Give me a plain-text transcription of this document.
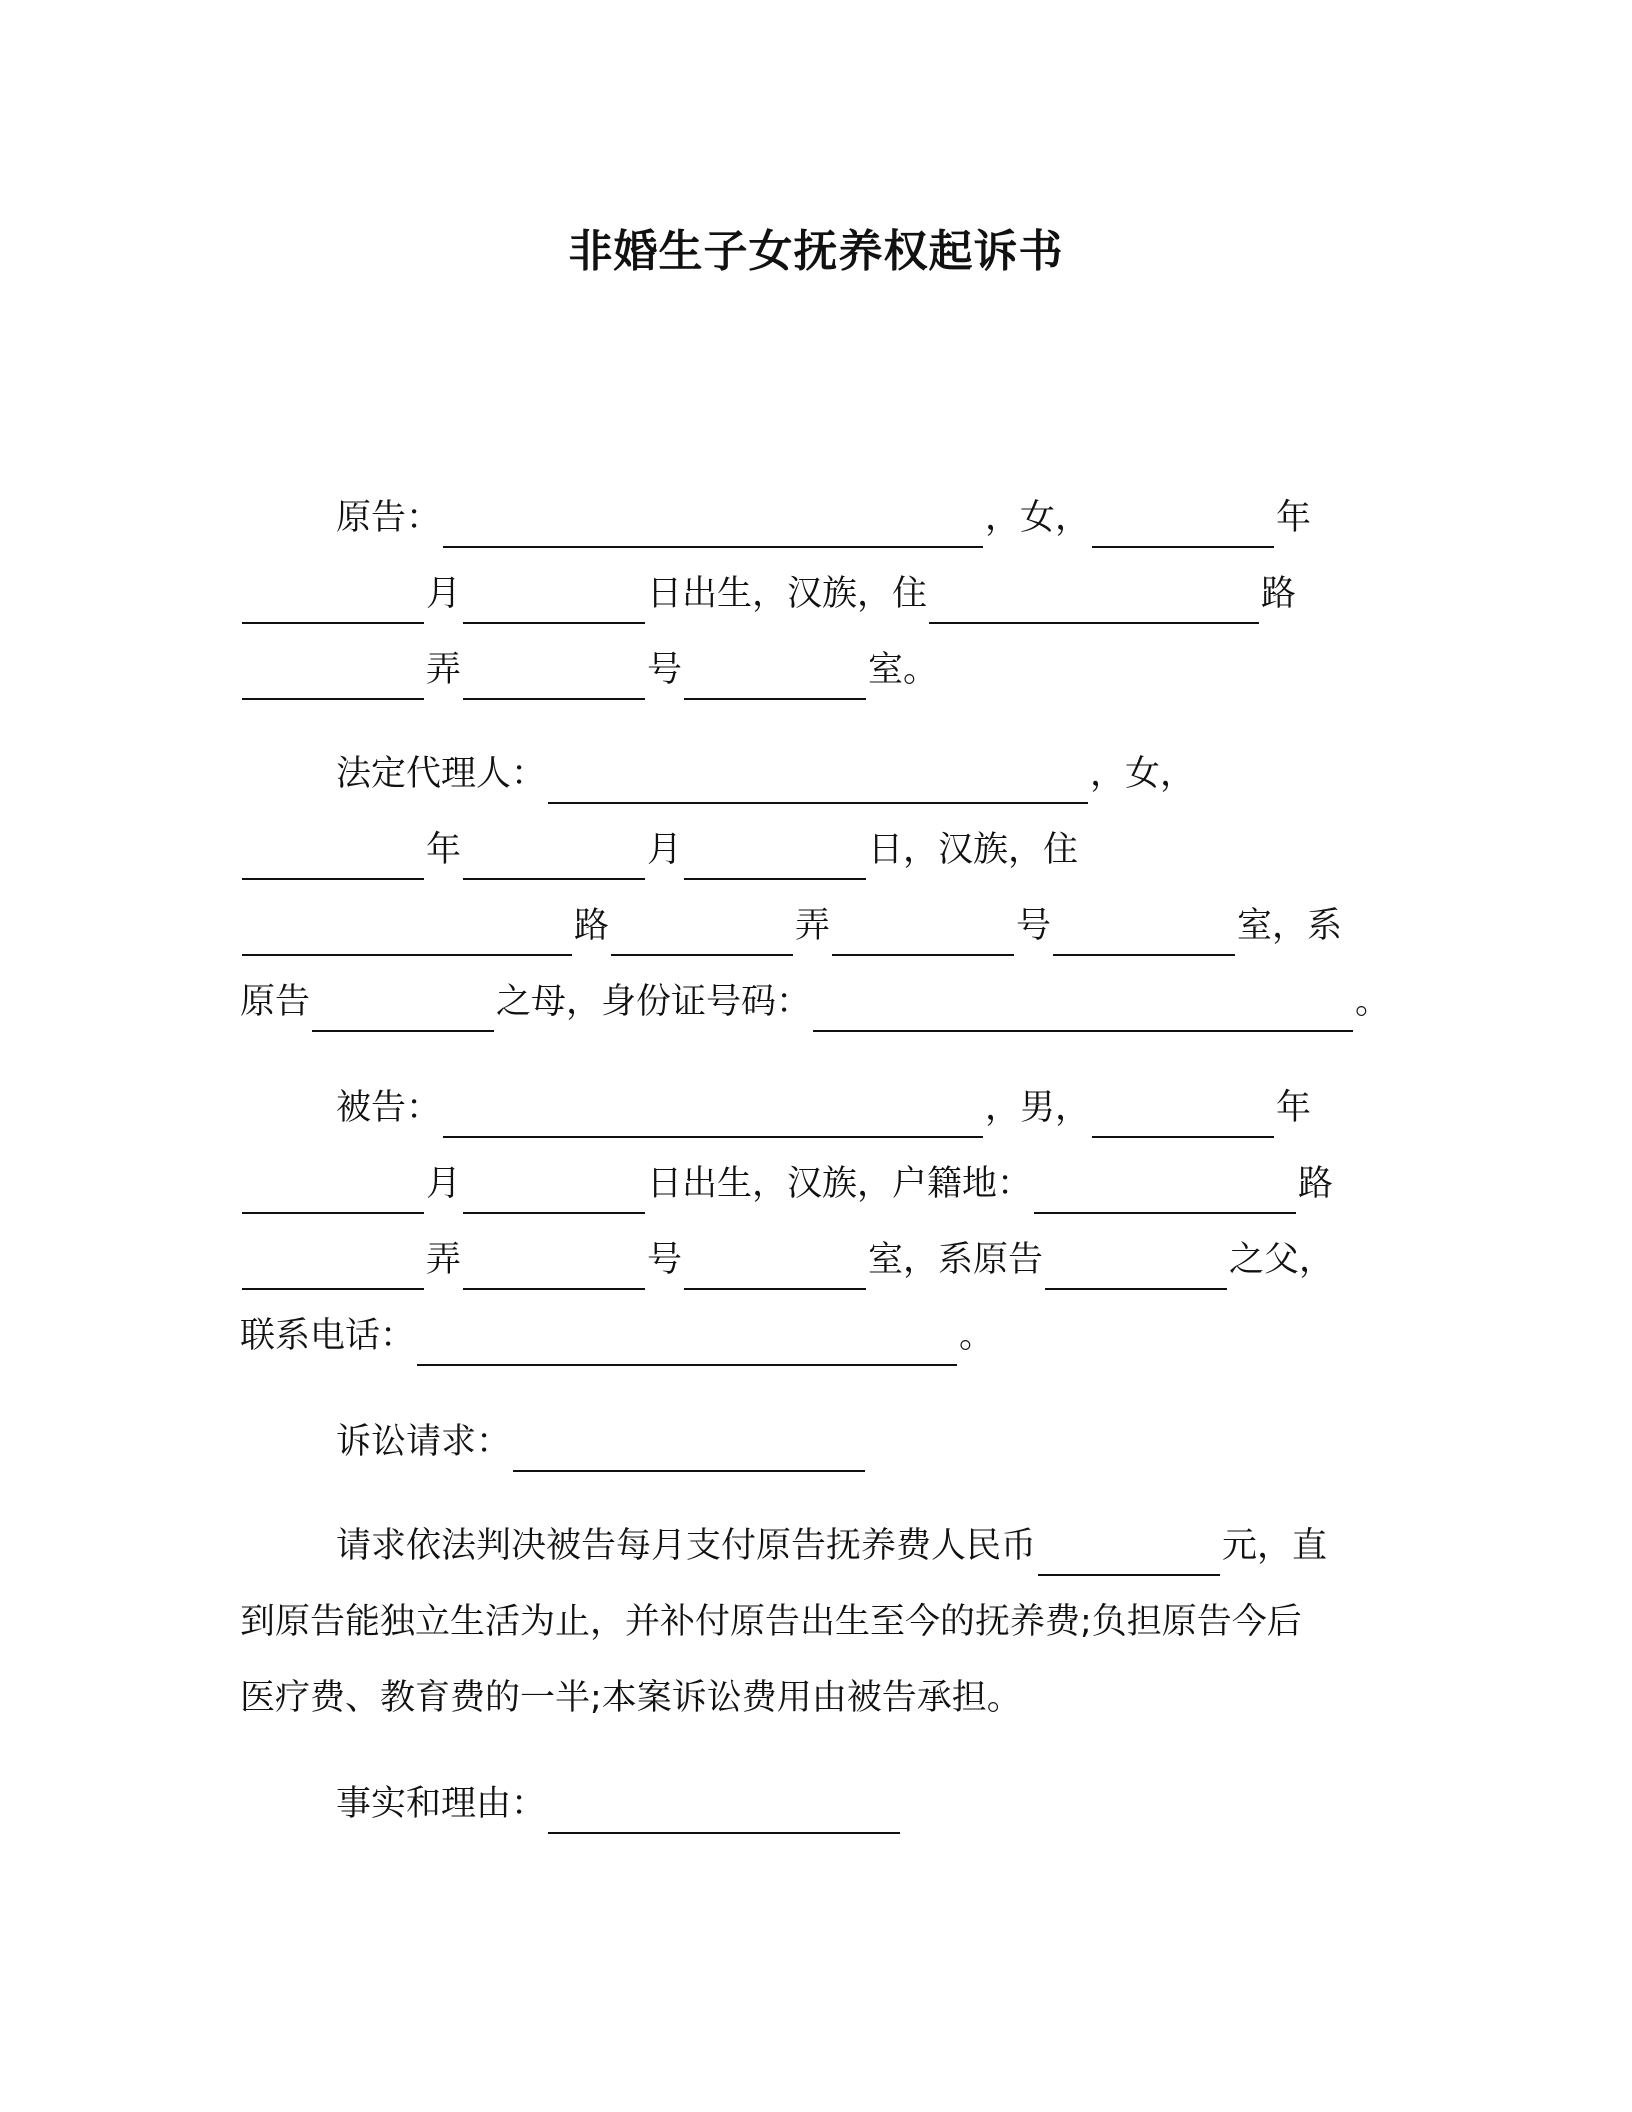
非婚生子女抚养权起诉书
原告：	，女，	年
月	日出生，汉族，住	路
弄	号	室。
法定代理人：	，女，
年	月	日，汉族，住
路	弄	号	室，系
原告	之母，身份证号码：	。
被告：	，男，	年
月	日出生，汉族，户籍地：	路
弄	号	室，系原告	之父，
联系电话：	。
诉讼请求：
请求依法判决被告每月支付原告抚养费人民币	元，直
到原告能独立生活为止，并补付原告出生至今的抚养费;负担原告今后
医疗费、教育费的一半;本案诉讼费用由被告承担。
事实和理由：
